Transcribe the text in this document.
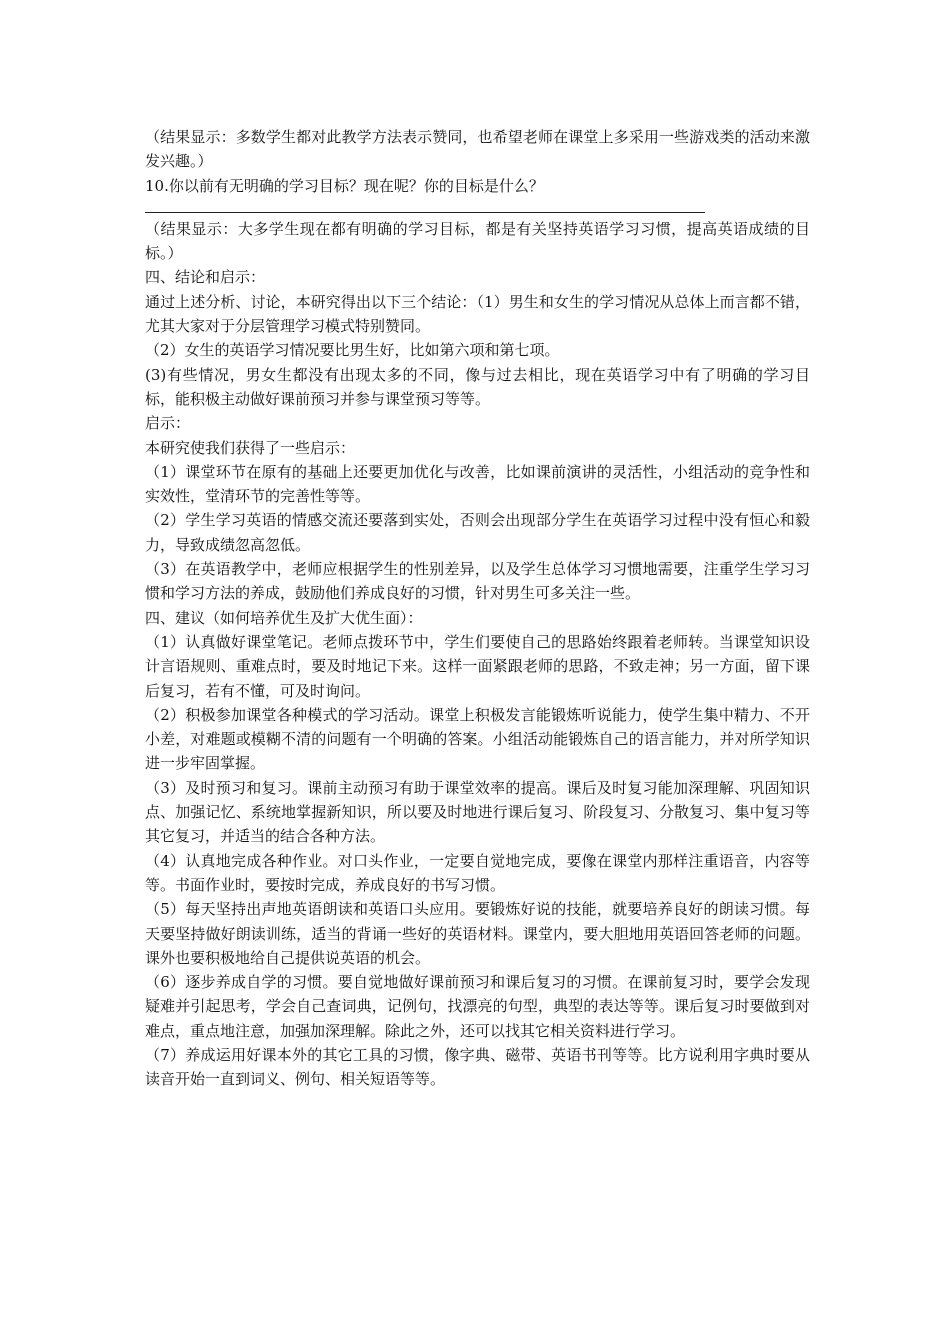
（结果显示：多数学生都对此教学方法表示赞同，也希望老师在课堂上多采用一些游戏类的活动来激发兴趣。）

10.你以前有无明确的学习目标？现在呢？你的目标是什么？

（结果显示：大多学生现在都有明确的学习目标，都是有关坚持英语学习习惯，提高英语成绩的目标。）

四、结论和启示：

通过上述分析、讨论，本研究得出以下三个结论：（1）男生和女生的学习情况从总体上而言都不错，尤其大家对于分层管理学习模式特别赞同。

（2）女生的英语学习情况要比男生好，比如第六项和第七项。

(3)有些情况，男女生都没有出现太多的不同，像与过去相比，现在英语学习中有了明确的学习目标，能积极主动做好课前预习并参与课堂预习等等。

启示：

本研究使我们获得了一些启示：

（1）课堂环节在原有的基础上还要更加优化与改善，比如课前演讲的灵活性，小组活动的竞争性和实效性，堂清环节的完善性等等。

（2）学生学习英语的情感交流还要落到实处，否则会出现部分学生在英语学习过程中没有恒心和毅力，导致成绩忽高忽低。

（3）在英语教学中，老师应根据学生的性别差异，以及学生总体学习习惯地需要，注重学生学习习惯和学习方法的养成，鼓励他们养成良好的习惯，针对男生可多关注一些。

四、建议（如何培养优生及扩大优生面）：

（1）认真做好课堂笔记。老师点拨环节中，学生们要使自己的思路始终跟着老师转。当课堂知识设计言语规则、重难点时，要及时地记下来。这样一面紧跟老师的思路，不致走神；另一方面，留下课后复习，若有不懂，可及时询问。

（2）积极参加课堂各种模式的学习活动。课堂上积极发言能锻炼听说能力，使学生集中精力、不开小差，对难题或模糊不清的问题有一个明确的答案。小组活动能锻炼自己的语言能力，并对所学知识进一步牢固掌握。

（3）及时预习和复习。课前主动预习有助于课堂效率的提高。课后及时复习能加深理解、巩固知识点、加强记忆、系统地掌握新知识，所以要及时地进行课后复习、阶段复习、分散复习、集中复习等其它复习，并适当的结合各种方法。

（4）认真地完成各种作业。对口头作业，一定要自觉地完成，要像在课堂内那样注重语音，内容等等。书面作业时，要按时完成，养成良好的书写习惯。

（5）每天坚持出声地英语朗读和英语口头应用。要锻炼好说的技能，就要培养良好的朗读习惯。每天要坚持做好朗读训练，适当的背诵一些好的英语材料。课堂内，要大胆地用英语回答老师的问题。课外也要积极地给自己提供说英语的机会。

（6）逐步养成自学的习惯。要自觉地做好课前预习和课后复习的习惯。在课前复习时，要学会发现疑难并引起思考，学会自己查词典，记例句，找漂亮的句型，典型的表达等等。课后复习时要做到对难点，重点地注意，加强加深理解。除此之外，还可以找其它相关资料进行学习。

（7）养成运用好课本外的其它工具的习惯，像字典、磁带、英语书刊等等。比方说利用字典时要从读音开始一直到词义、例句、相关短语等等。
